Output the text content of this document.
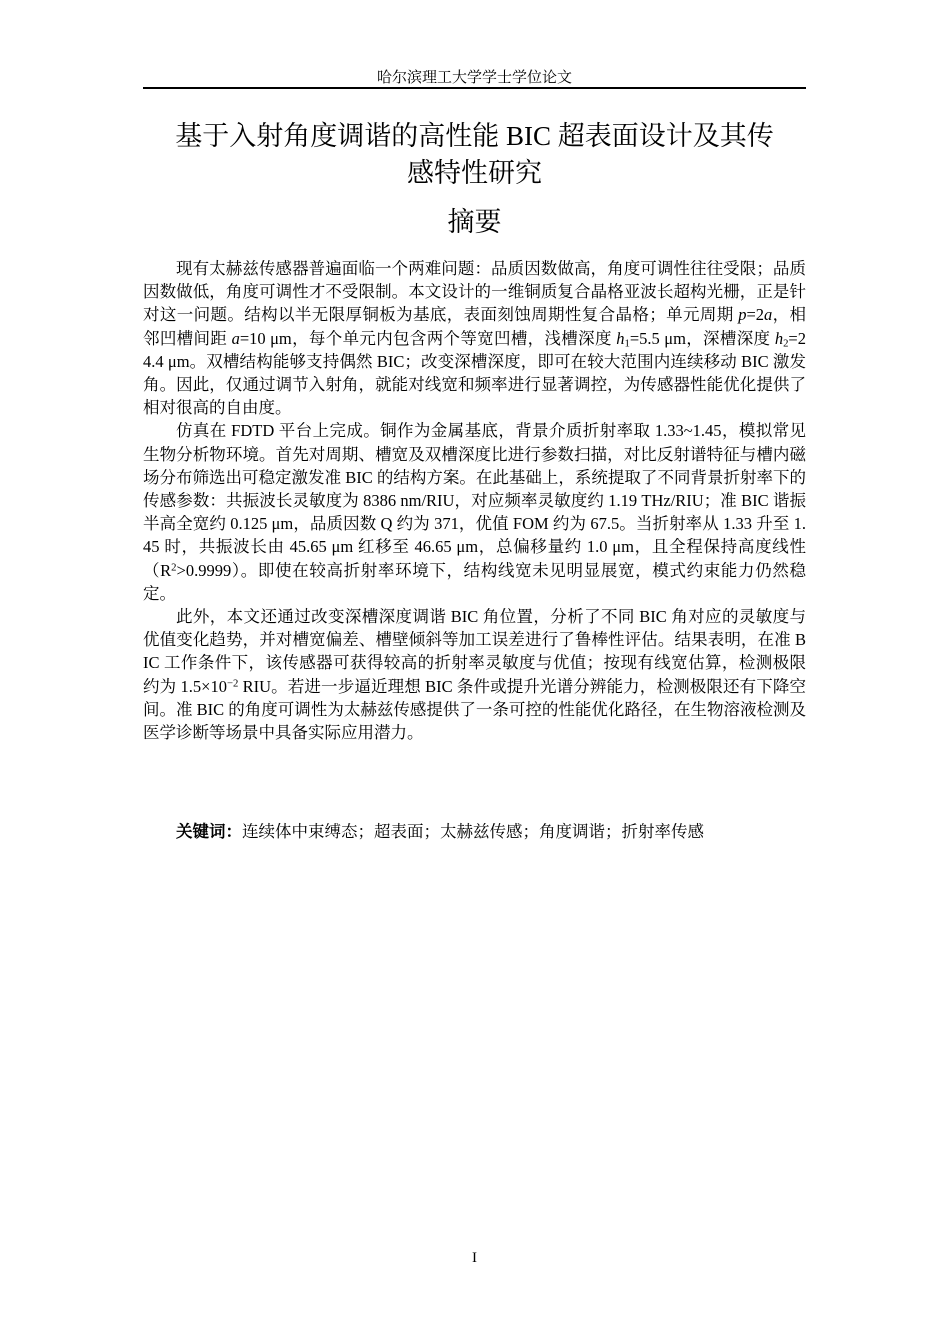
哈尔滨理工大学学士学位论文
基于入射角度调谐的高性能 BIC 超表面设计及其传
感特性研究
摘要

现有太赫兹传感器普遍面临一个两难问题：品质因数做高，角度可调性往往受限；品质因数做低，角度可调性才不受限制。本文设计的一维铜质复合晶格亚波长超构光栅，正是针对这一问题。结构以半无限厚铜板为基底，表面刻蚀周期性复合晶格；单元周期 p=2a，相邻凹槽间距 a=10 μm，每个单元内包含两个等宽凹槽，浅槽深度 $h_1=5.5$ μm，深槽深度 $h_2=24.4$ μm。双槽结构能够支持偶然 BIC；改变深槽深度，即可在较大范围内连续移动 BIC 激发角。因此，仅通过调节入射角，就能对线宽和频率进行显著调控，为传感器性能优化提供了相对很高的自由度。

仿真在 FDTD 平台上完成。铜作为金属基底，背景介质折射率取 1.33~1.45，模拟常见生物分析物环境。首先对周期、槽宽及双槽深度比进行参数扫描，对比反射谱特征与槽内磁场分布筛选出可稳定激发准 BIC 的结构方案。在此基础上，系统提取了不同背景折射率下的传感参数：共振波长灵敏度为 8386 nm/RIU，对应频率灵敏度约 1.19 THz/RIU；准 BIC 谐振半高全宽约 0.125 μm，品质因数 Q 约为 371，优值 FOM 约为 67.5。当折射率从 1.33 升至 1.45 时，共振波长由 45.65 μm 红移至 46.65 μm，总偏移量约 1.0 μm，且全程保持高度线性$(R^2>0.9999)$。即使在较高折射率环境下，结构线宽未见明显展宽，模式约束能力仍然稳定。

此外，本文还通过改变深槽深度调谐 BIC 角位置，分析了不同 BIC 角对应的灵敏度与优值变化趋势，并对槽宽偏差、槽壁倾斜等加工误差进行了鲁棒性评估。结果表明，在准 BIC 工作条件下，该传感器可获得较高的折射率灵敏度与优值；按现有线宽估算，检测极限约为 $1.5\times 10^{-2}$ RIU。若进一步逼近理想 BIC 条件或提升光谱分辨能力，检测极限还有下降空间。准 BIC 的角度可调性为太赫兹传感提供了一条可控的性能优化路径，在生物溶液检测及医学诊断等场景中具备实际应用潜力。

关键词：连续体中束缚态；超表面；太赫兹传感；角度调谐；折射率传感
I
